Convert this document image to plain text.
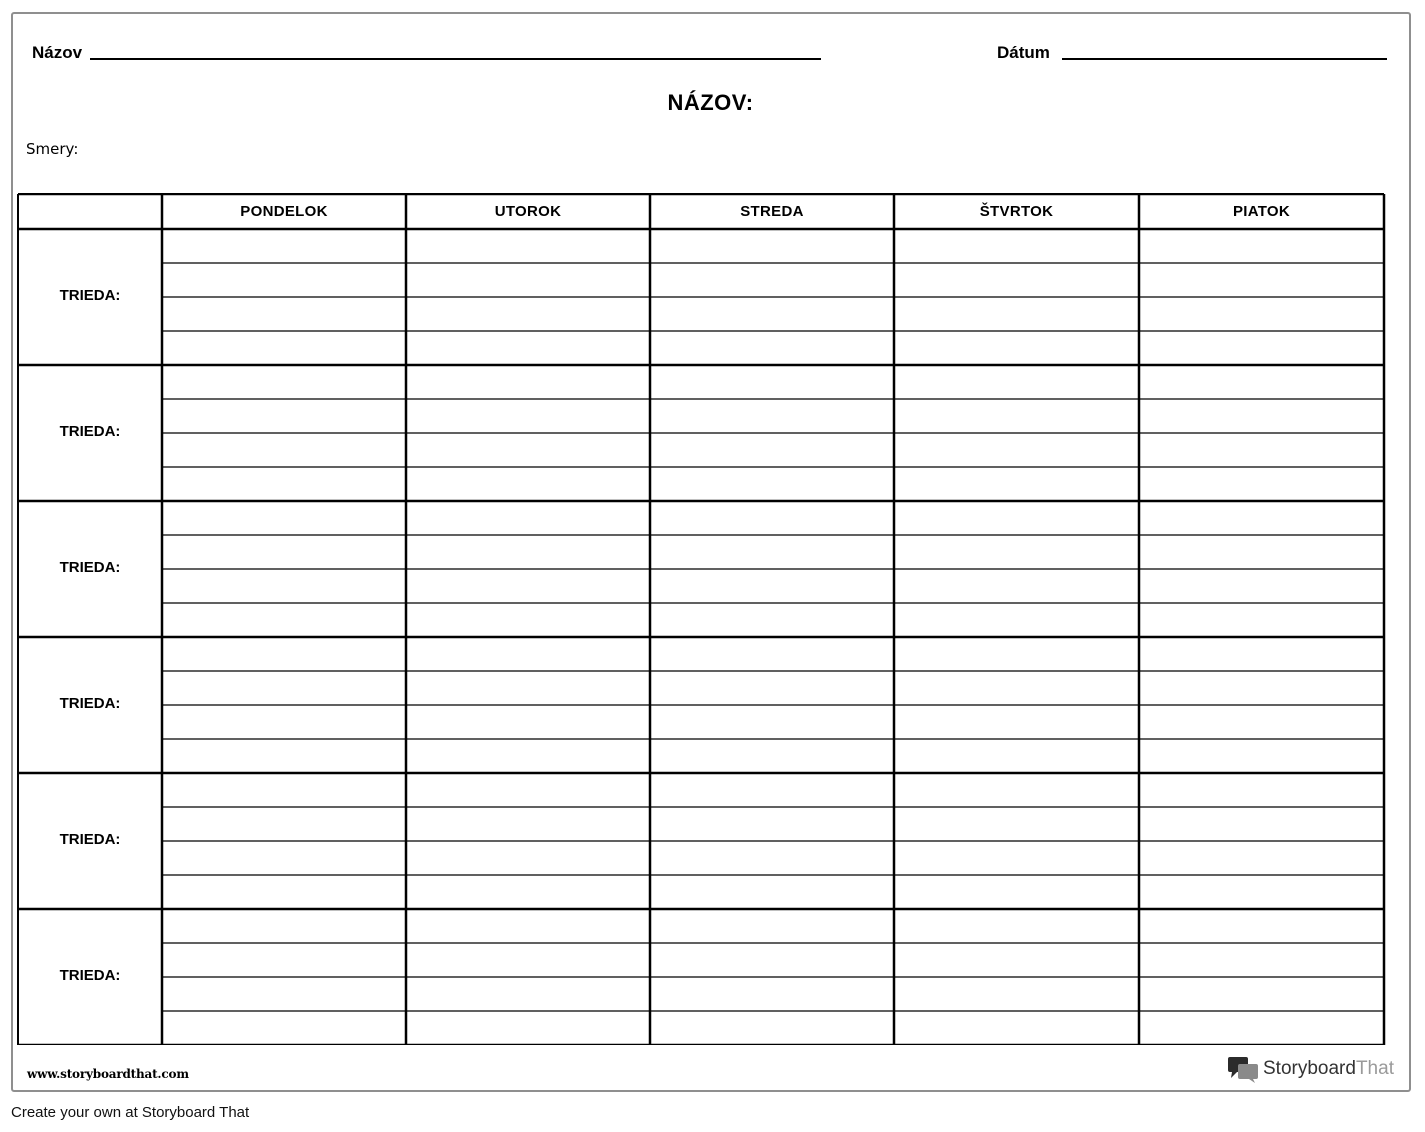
Názov	Dátum
NÁZOV:
Smery:
PONDELOK	UTOROK	STREDA	ŠTVRTOK	PIATOK
TRIEDA:
TRIEDA:
TRIEDA:
TRIEDA:
TRIEDA:
TRIEDA:
www.storyboardthat.com	StoryboardThat
Create your own at Storyboard That
